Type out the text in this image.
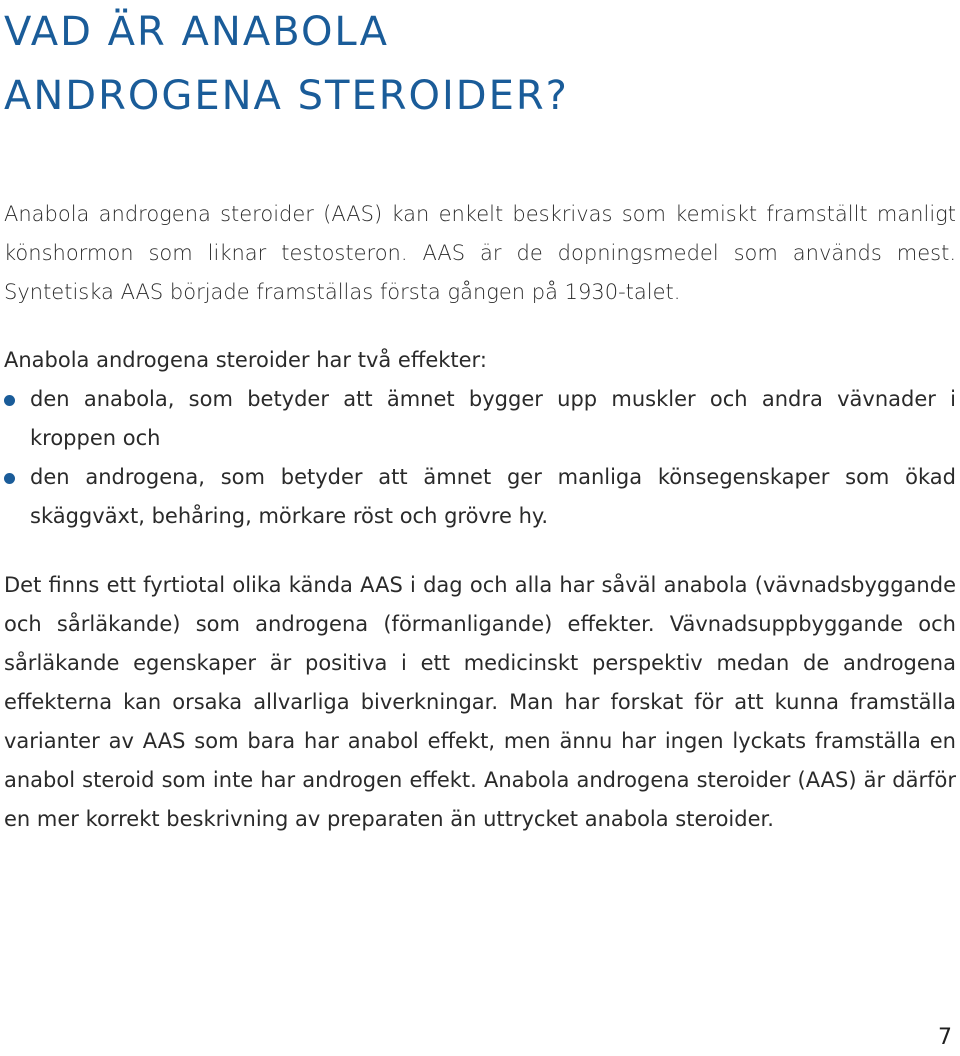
VAD ÄR ANABOLA
ANDROGENA STEROIDER?

Anabola androgena steroider (AAS) kan enkelt beskrivas som kemiskt framställt manligt könshormon som liknar testosteron. AAS är de dopningsmedel som används mest. Syntetiska AAS började framställas första gången på 1930-talet.

Anabola androgena steroider har två effekter:

den anabola, som betyder att ämnet bygger upp muskler och andra vävnader i kroppen och
den androgena, som betyder att ämnet ger manliga könsegenskaper som ökad skäggväxt, behåring, mörkare röst och grövre hy.

Det finns ett fyrtiotal olika kända AAS i dag och alla har såväl anabola (vävnadsbyggande och sårläkande) som androgena (förmanligande) effekter. Vävnadsuppbyggande och sårläkande egenskaper är positiva i ett medicinskt perspektiv medan de androgena effekterna kan orsaka allvarliga biverkningar. Man har forskat för att kunna framställa varianter av AAS som bara har anabol effekt, men ännu har ingen lyckats framställa en anabol steroid som inte har androgen effekt. Anabola androgena steroider (AAS) är därför en mer korrekt beskrivning av preparaten än uttrycket anabola steroider.

7
